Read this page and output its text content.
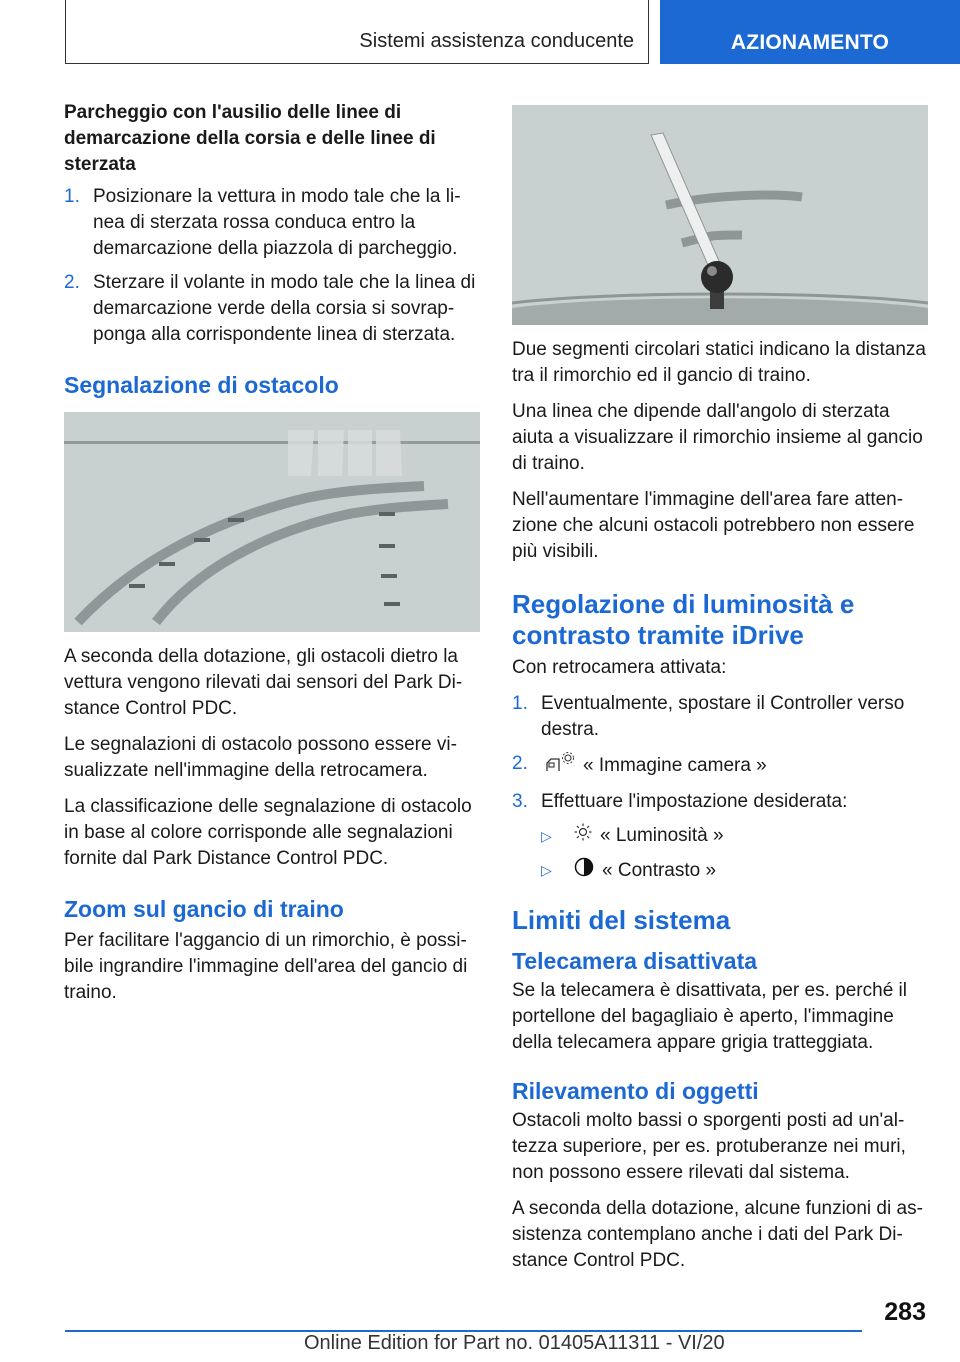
Sistemi assistenza conducente	AZIONAMENTO
Parcheggio con l'ausilio delle linee di demarcazione della corsia e delle linee di sterzata
1. Posizionare la vettura in modo tale che la linea di sterzata rossa conduca entro la demarcazione della piazzola di parcheggio.
2. Sterzare il volante in modo tale che la linea di demarcazione verde della corsia si sovrapponga alla corrispondente linea di sterzata.
Segnalazione di ostacolo

A seconda della dotazione, gli ostacoli dietro la vettura vengono rilevati dai sensori del Park Distance Control PDC.

Le segnalazioni di ostacolo possono essere visualizzate nell'immagine della retrocamera.

La classificazione delle segnalazione di ostacolo in base al colore corrisponde alle segnalazioni fornite dal Park Distance Control PDC.

Zoom sul gancio di traino

Per facilitare l'aggancio di un rimorchio, è possibile ingrandire l'immagine dell'area del gancio di traino.

Due segmenti circolari statici indicano la distanza tra il rimorchio ed il gancio di traino.

Una linea che dipende dall'angolo di sterzata aiuta a visualizzare il rimorchio insieme al gancio di traino.

Nell'aumentare l'immagine dell'area fare attenzione che alcuni ostacoli potrebbero non essere più visibili.

Regolazione di luminosità e contrasto tramite iDrive

Con retrocamera attivata:

1. Eventualmente, spostare il Controller verso destra.
2.	« Immagine camera »
3. Effettuare l'impostazione desiderata:
▷	« Luminosità »
▷	« Contrasto »
Limiti del sistema
Telecamera disattivata

Se la telecamera è disattivata, per es. perché il portellone del bagagliaio è aperto, l'immagine della telecamera appare grigia tratteggiata.

Rilevamento di oggetti

Ostacoli molto bassi o sporgenti posti ad un'altezza superiore, per es. protuberanze nei muri, non possono essere rilevati dal sistema.

A seconda della dotazione, alcune funzioni di assistenza contemplano anche i dati del Park Distance Control PDC.

283
Online Edition for Part no. 01405A11311 - VI/20
